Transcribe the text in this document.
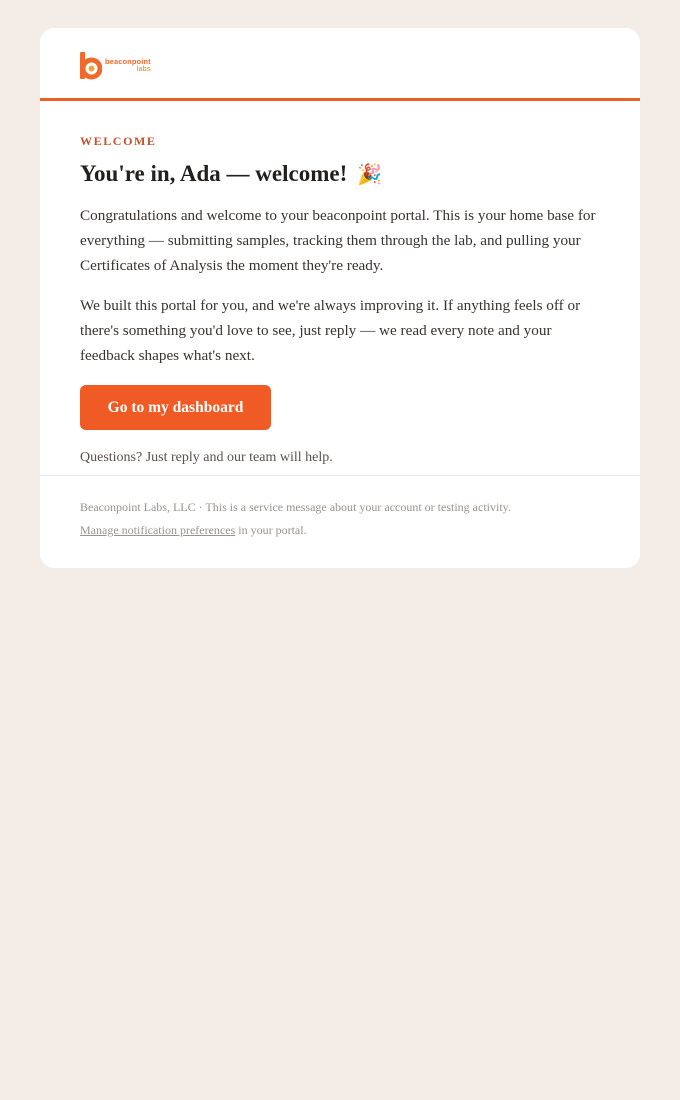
beaconpoint
labs
WELCOME
You're in, Ada — welcome! 🎉

Congratulations and welcome to your beaconpoint portal. This is your home base for everything — submitting samples, tracking them through the lab, and pulling your Certificates of Analysis the moment they're ready.

We built this portal for you, and we're always improving it. If anything feels off or there's something you'd love to see, just reply — we read every note and your feedback shapes what's next.

Go to my dashboard
Questions? Just reply and our team will help.
Beaconpoint Labs, LLC · This is a service message about your account or testing activity.
Manage notification preferences in your portal.
